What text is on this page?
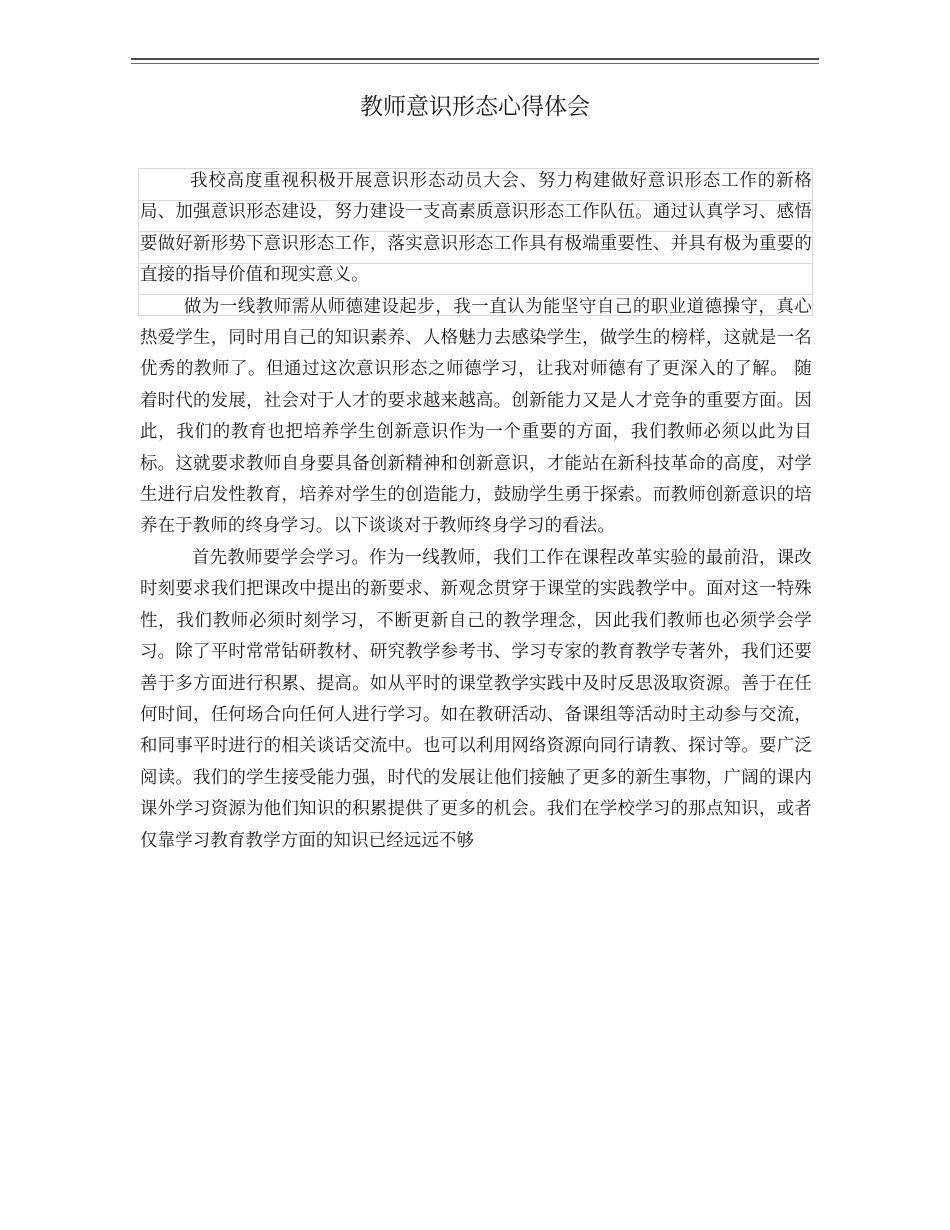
教师意识形态心得体会

我校高度重视积极开展意识形态动员大会、努力构建做好意识形态工作的新格局、加强意识形态建设，努力建设一支高素质意识形态工作队伍。通过认真学习、感悟要做好新形势下意识形态工作，落实意识形态工作具有极端重要性、并具有极为重要的直接的指导价值和现实意义。

做为一线教师需从师德建设起步，我一直认为能坚守自己的职业道德操守，真心热爱学生，同时用自己的知识素养、人格魅力去感染学生，做学生的榜样，这就是一名优秀的教师了。但通过这次意识形态之师德学习，让我对师德有了更深入的了解。 随着时代的发展，社会对于人才的要求越来越高。创新能力又是人才竞争的重要方面。因此，我们的教育也把培养学生创新意识作为一个重要的方面，我们教师必须以此为目标。这就要求教师自身要具备创新精神和创新意识，才能站在新科技革命的高度，对学生进行启发性教育，培养对学生的创造能力，鼓励学生勇于探索。而教师创新意识的培养在于教师的终身学习。以下谈谈对于教师终身学习的看法。

首先教师要学会学习。作为一线教师，我们工作在课程改革实验的最前沿，课改时刻要求我们把课改中提出的新要求、新观念贯穿于课堂的实践教学中。面对这一特殊性，我们教师必须时刻学习，不断更新自己的教学理念，因此我们教师也必须学会学习。除了平时常常钻研教材、研究教学参考书、学习专家的教育教学专著外，我们还要善于多方面进行积累、提高。如从平时的课堂教学实践中及时反思汲取资源。善于在任何时间，任何场合向任何人进行学习。如在教研活动、备课组等活动时主动参与交流，和同事平时进行的相关谈话交流中。也可以利用网络资源向同行请教、探讨等。要广泛阅读。我们的学生接受能力强，时代的发展让他们接触了更多的新生事物，广阔的课内课外学习资源为他们知识的积累提供了更多的机会。我们在学校学习的那点知识，或者仅靠学习教育教学方面的知识已经远远不够
